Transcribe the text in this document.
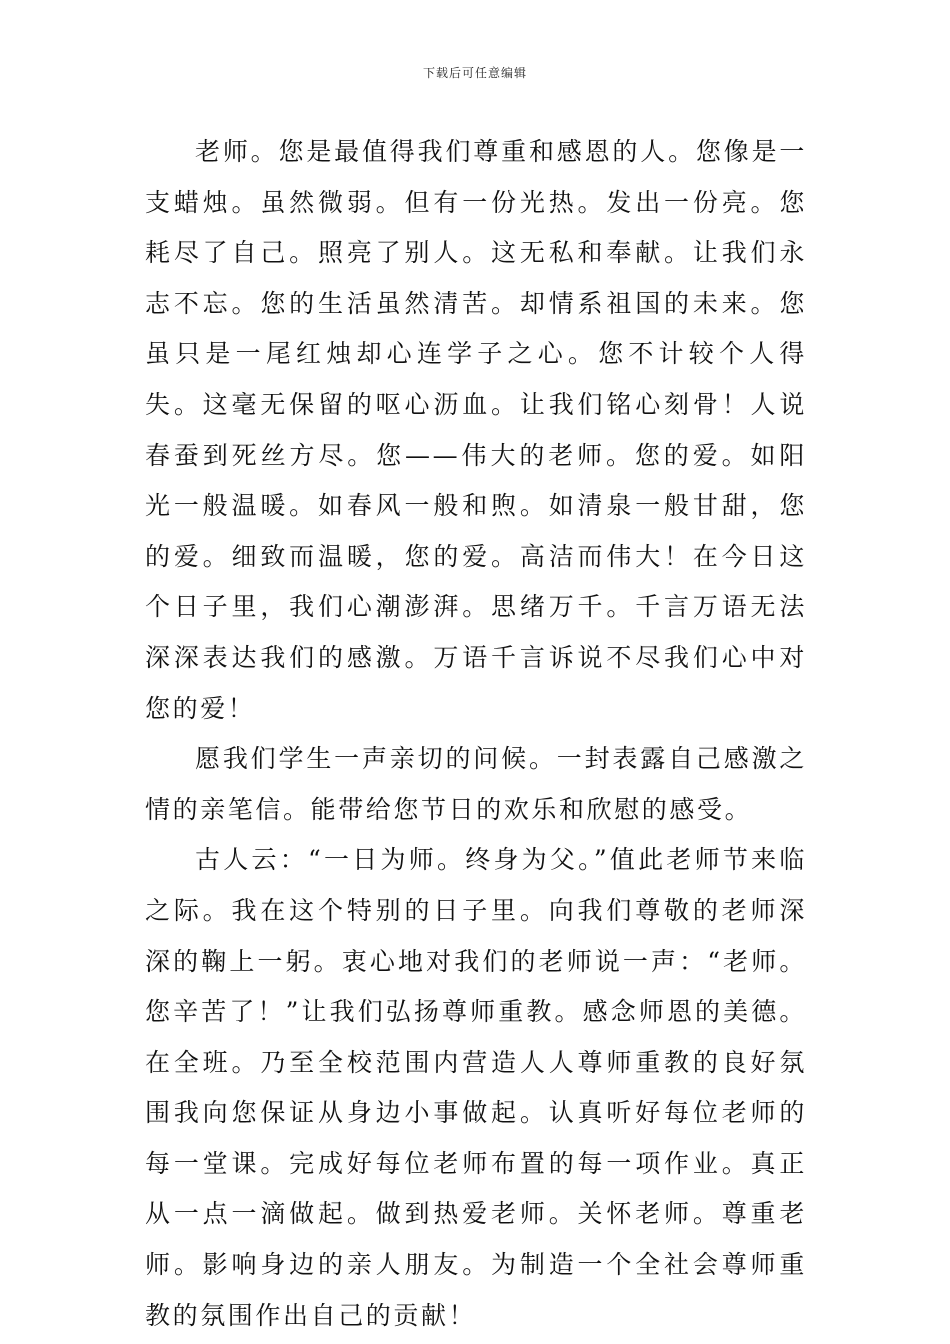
下载后可任意编辑

老师。您是最值得我们尊重和感恩的人。您像是一支蜡烛。虽然微弱。但有一份光热。发出一份亮。您耗尽了自己。照亮了别人。这无私和奉献。让我们永志不忘。您的生活虽然清苦。却情系祖国的未来。您虽只是一尾红烛却心连学子之心。您不计较个人得失。这毫无保留的呕心沥血。让我们铭心刻骨！人说春蚕到死丝方尽。您——伟大的老师。您的爱。如阳光一般温暖。如春风一般和煦。如清泉一般甘甜，您的爱。细致而温暖，您的爱。高洁而伟大！在今日这个日子里，我们心潮澎湃。思绪万千。千言万语无法深深表达我们的感激。万语千言诉说不尽我们心中对您的爱！

愿我们学生一声亲切的问候。一封表露自己感激之情的亲笔信。能带给您节日的欢乐和欣慰的感受。

古人云：“一日为师。终身为父。”值此老师节来临之际。我在这个特别的日子里。向我们尊敬的老师深深的鞠上一躬。衷心地对我们的老师说一声：“老师。您辛苦了！”让我们弘扬尊师重教。感念师恩的美德。在全班。乃至全校范围内营造人人尊师重教的良好氛围我向您保证从身边小事做起。认真听好每位老师的每一堂课。完成好每位老师布置的每一项作业。真正从一点一滴做起。做到热爱老师。关怀老师。尊重老师。影响身边的亲人朋友。为制造一个全社会尊师重教的氛围作出自己的贡献！
